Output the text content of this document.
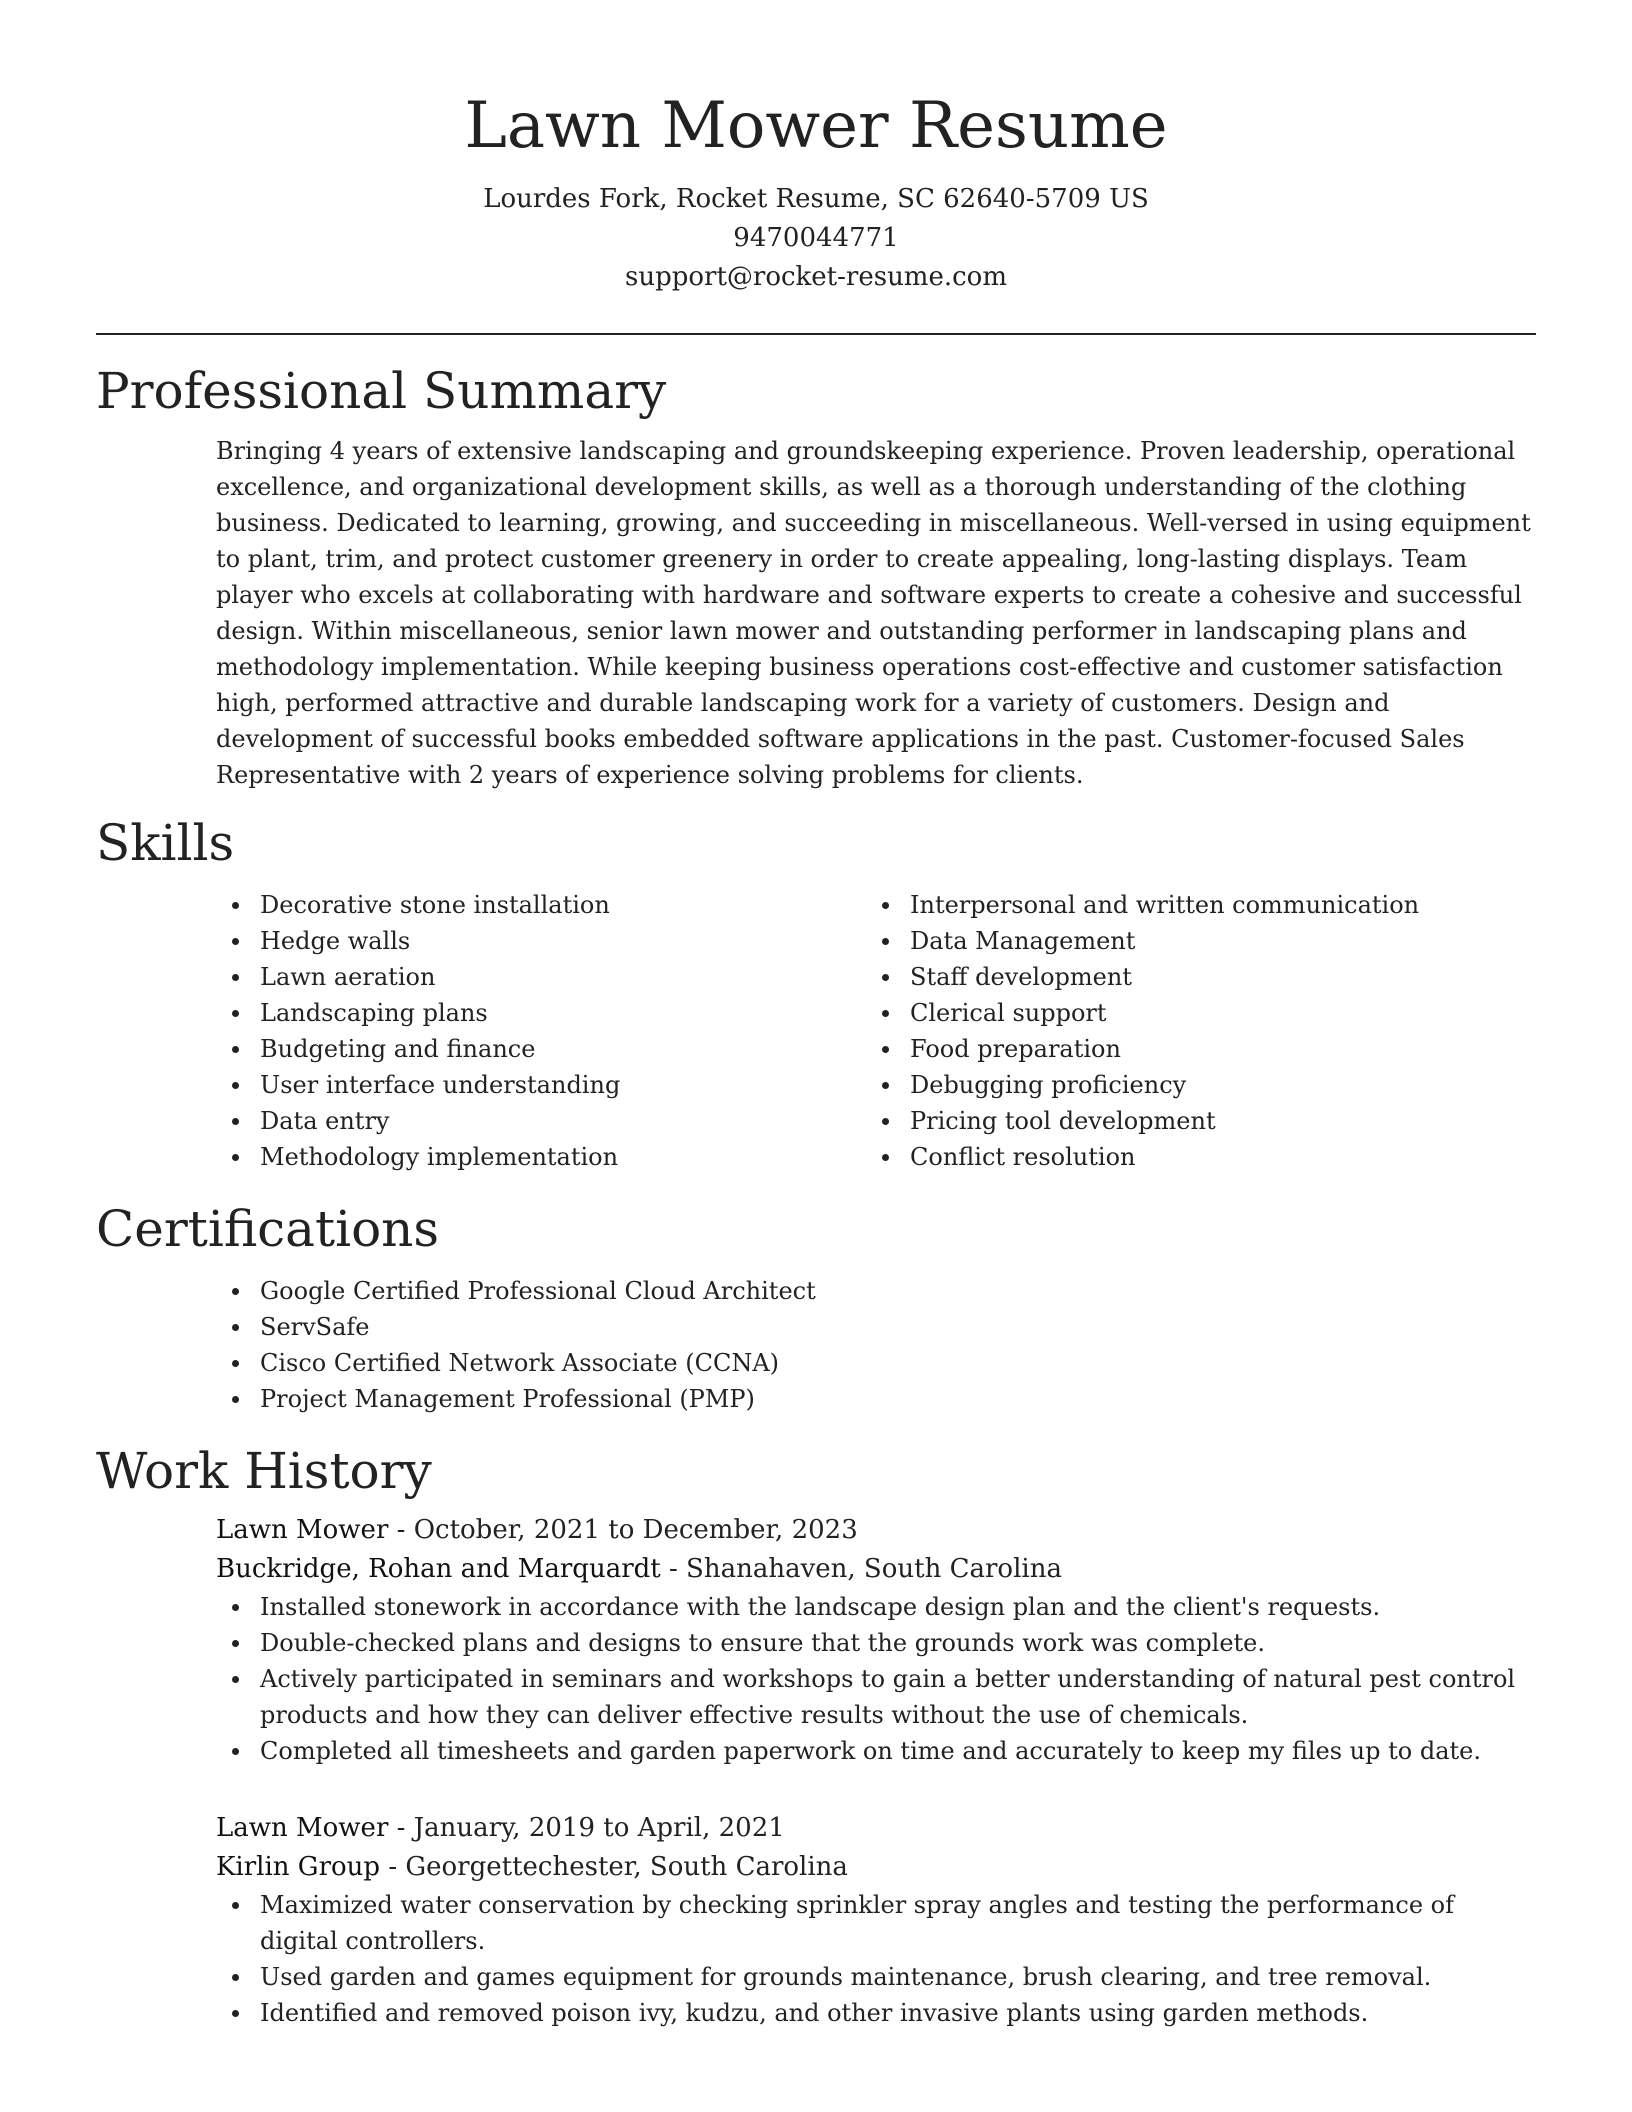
Lawn Mower Resume
Lourdes Fork, Rocket Resume, SC 62640-5709 US
9470044771
support@rocket-resume.com
Professional Summary

Bringing 4 years of extensive landscaping and groundskeeping experience. Proven leadership, operational excellence, and organizational development skills, as well as a thorough understanding of the clothing business. Dedicated to learning, growing, and succeeding in miscellaneous. Well-versed in using equipment to plant, trim, and protect customer greenery in order to create appealing, long-lasting displays. Team player who excels at collaborating with hardware and software experts to create a cohesive and successful design. Within miscellaneous, senior lawn mower and outstanding performer in landscaping plans and methodology implementation. While keeping business operations cost-effective and customer satisfaction high, performed attractive and durable landscaping work for a variety of customers. Design and development of successful books embedded software applications in the past. Customer-focused Sales Representative with 2 years of experience solving problems for clients.

Skills
Decorative stone installation
Hedge walls
Lawn aeration
Landscaping plans
Budgeting and finance
User interface understanding
Data entry
Methodology implementation
Interpersonal and written communication
Data Management
Staff development
Clerical support
Food preparation
Debugging proficiency
Pricing tool development
Conflict resolution
Certifications
Google Certified Professional Cloud Architect
ServSafe
Cisco Certified Network Associate (CCNA)
Project Management Professional (PMP)
Work History
Lawn Mower - October, 2021 to December, 2023
Buckridge, Rohan and Marquardt - Shanahaven, South Carolina
Installed stonework in accordance with the landscape design plan and the client's requests.
Double-checked plans and designs to ensure that the grounds work was complete.
Actively participated in seminars and workshops to gain a better understanding of natural pest control products and how they can deliver effective results without the use of chemicals.
Completed all timesheets and garden paperwork on time and accurately to keep my files up to date.
Lawn Mower - January, 2019 to April, 2021
Kirlin Group - Georgettechester, South Carolina
Maximized water conservation by checking sprinkler spray angles and testing the performance of digital controllers.
Used garden and games equipment for grounds maintenance, brush clearing, and tree removal.
Identified and removed poison ivy, kudzu, and other invasive plants using garden methods.
